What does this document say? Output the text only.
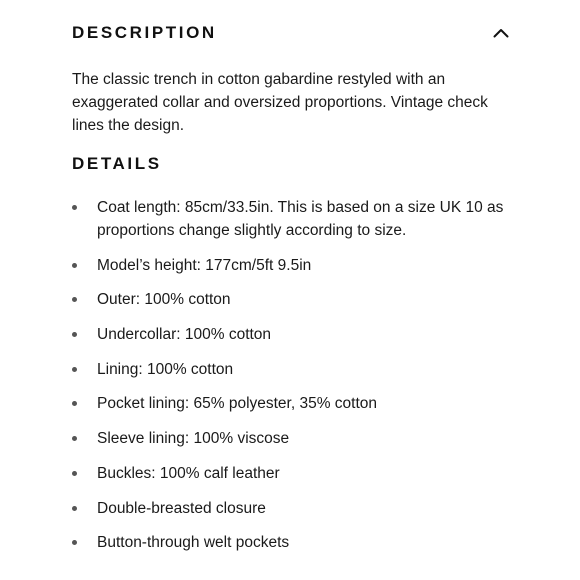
DESCRIPTION

The classic trench in cotton gabardine restyled with an exaggerated collar and oversized proportions. Vintage check lines the design.

DETAILS
Coat length: 85cm/33.5in. This is based on a size UK 10 as proportions change slightly according to size.
Model’s height: 177cm/5ft 9.5in
Outer: 100% cotton
Undercollar: 100% cotton
Lining: 100% cotton
Pocket lining: 65% polyester, 35% cotton
Sleeve lining: 100% viscose
Buckles: 100% calf leather
Double-breasted closure
Button-through welt pockets
